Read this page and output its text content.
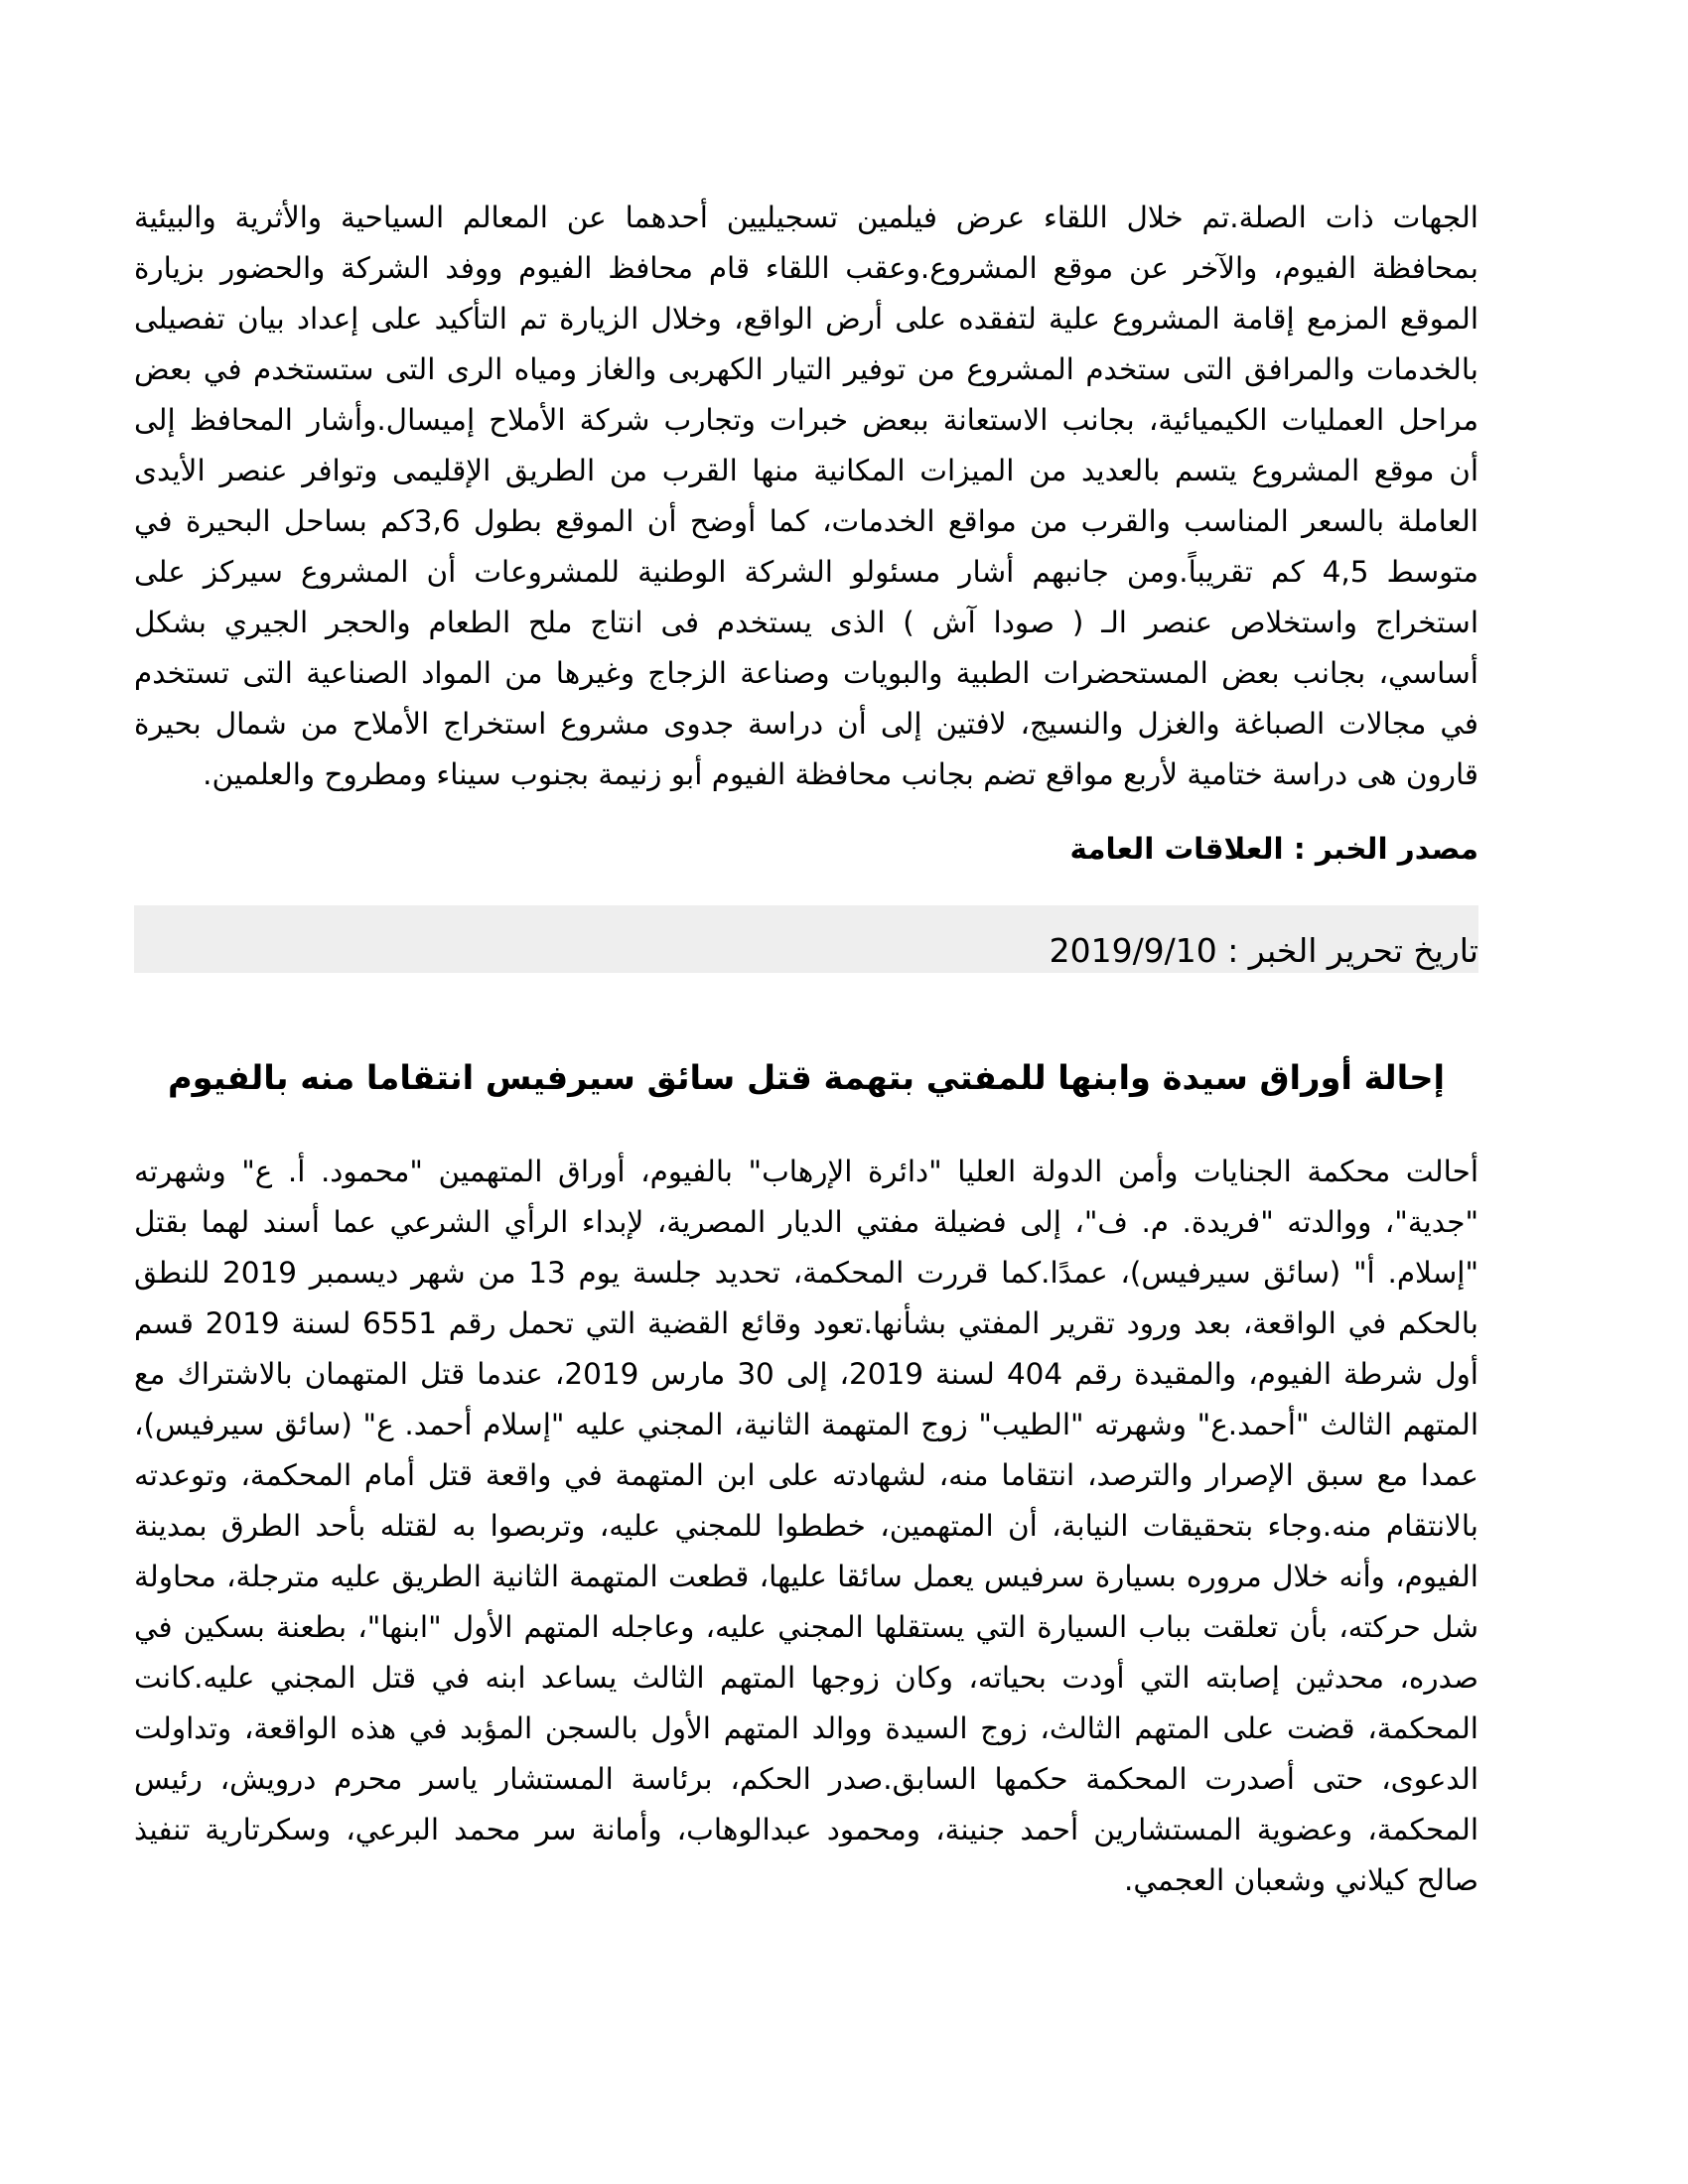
الجهات ذات الصلة.تم خلال اللقاء عرض فيلمين تسجيليين أحدهما عن المعالم السياحية والأثرية والبيئية
بمحافظة الفيوم، والآخر عن موقع المشروع.وعقب اللقاء قام محافظ الفيوم ووفد الشركة والحضور بزيارة
الموقع المزمع إقامة المشروع علية لتفقده على أرض الواقع، وخلال الزيارة تم التأكيد على إعداد بيان تفصيلى
بالخدمات والمرافق التى ستخدم المشروع من توفير التيار الكهربى والغاز ومياه الرى التى ستستخدم في بعض
مراحل العمليات الكيميائية، بجانب الاستعانة ببعض خبرات وتجارب شركة الأملاح إميسال.وأشار المحافظ إلى
أن موقع المشروع يتسم بالعديد من الميزات المكانية منها القرب من الطريق الإقليمى وتوافر عنصر الأيدى
العاملة بالسعر المناسب والقرب من مواقع الخدمات، كما أوضح أن الموقع بطول 3,6كم بساحل البحيرة في
متوسط 4,5 كم تقريباً.ومن جانبهم أشار مسئولو الشركة الوطنية للمشروعات أن المشروع سيركز على
استخراج واستخلاص عنصر الـ ( صودا آش ) الذى يستخدم فى انتاج ملح الطعام والحجر الجيري بشكل
أساسي، بجانب بعض المستحضرات الطبية والبويات وصناعة الزجاج وغيرها من المواد الصناعية التى تستخدم
في مجالات الصباغة والغزل والنسيج، لافتين إلى أن دراسة جدوى مشروع استخراج الأملاح من شمال بحيرة
قارون هى دراسة ختامية لأربع مواقع تضم بجانب محافظة الفيوم أبو زنيمة بجنوب سيناء ومطروح والعلمين.
مصدر الخبر : العلاقات العامة
تاريخ تحرير الخبر : 2019/9/10
إحالة أوراق سيدة وابنها للمفتي بتهمة قتل سائق سيرفيس انتقاما منه بالفيوم
أحالت محكمة الجنايات وأمن الدولة العليا "دائرة الإرهاب" بالفيوم، أوراق المتهمين "محمود. أ. ع" وشهرته
"جدية"، ووالدته "فريدة. م. ف"، إلى فضيلة مفتي الديار المصرية، لإبداء الرأي الشرعي عما أسند لهما بقتل
"إسلام. أ" (سائق سيرفيس)، عمدًا.كما قررت المحكمة، تحديد جلسة يوم 13 من شهر ديسمبر 2019 للنطق
بالحكم في الواقعة، بعد ورود تقرير المفتي بشأنها.تعود وقائع القضية التي تحمل رقم 6551 لسنة 2019 قسم
أول شرطة الفيوم، والمقيدة رقم 404 لسنة 2019، إلى 30 مارس 2019، عندما قتل المتهمان بالاشتراك مع
المتهم الثالث "أحمد.ع" وشهرته "الطيب" زوج المتهمة الثانية، المجني عليه "إسلام أحمد. ع" (سائق سيرفيس)،
عمدا مع سبق الإصرار والترصد، انتقاما منه، لشهادته على ابن المتهمة في واقعة قتل أمام المحكمة، وتوعدته
بالانتقام منه.وجاء بتحقيقات النيابة، أن المتهمين، خططوا للمجني عليه، وتربصوا به لقتله بأحد الطرق بمدينة
الفيوم، وأنه خلال مروره بسيارة سرفيس يعمل سائقا عليها، قطعت المتهمة الثانية الطريق عليه مترجلة، محاولة
شل حركته، بأن تعلقت بباب السيارة التي يستقلها المجني عليه، وعاجله المتهم الأول "ابنها"، بطعنة بسكين في
صدره، محدثين إصابته التي أودت بحياته، وكان زوجها المتهم الثالث يساعد ابنه في قتل المجني عليه.كانت
المحكمة، قضت على المتهم الثالث، زوج السيدة ووالد المتهم الأول بالسجن المؤبد في هذه الواقعة، وتداولت
الدعوى، حتى أصدرت المحكمة حكمها السابق.صدر الحكم، برئاسة المستشار ياسر محرم درويش، رئيس
المحكمة، وعضوية المستشارين أحمد جنينة، ومحمود عبدالوهاب، وأمانة سر محمد البرعي، وسكرتارية تنفيذ
صالح كيلاني وشعبان العجمي.
